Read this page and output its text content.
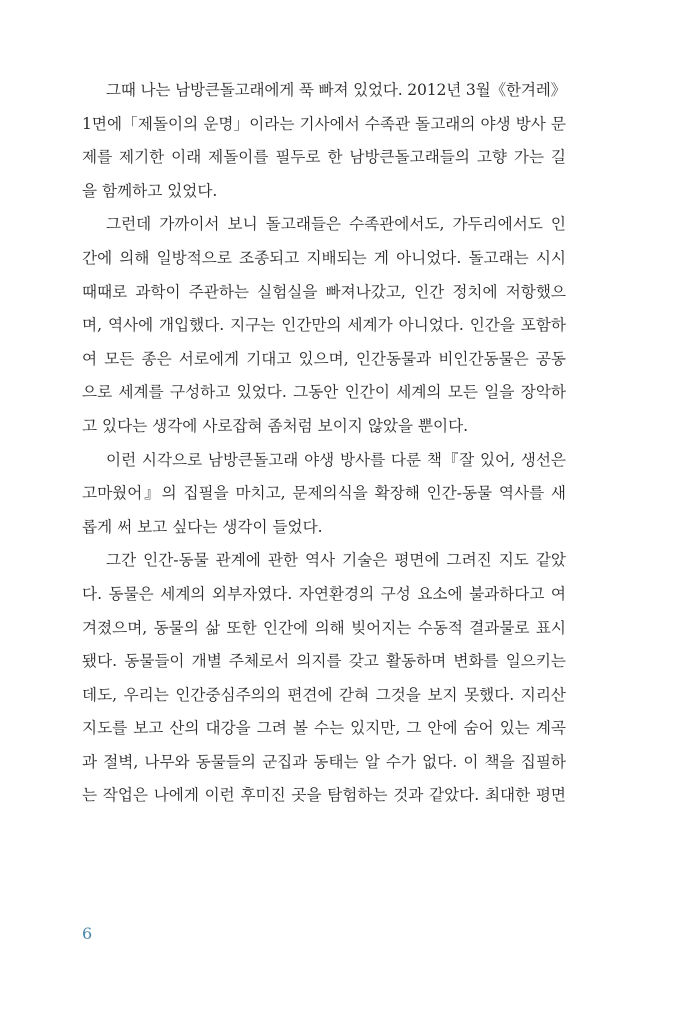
그때 나는 남방큰돌고래에게 푹 빠져 있었다. 2012년 3월《한겨레》
1면에「제돌이의 운명」이라는 기사에서 수족관 돌고래의 야생 방사 문
제를 제기한 이래 제돌이를 필두로 한 남방큰돌고래들의 고향 가는 길
을 함께하고 있었다.
그런데 가까이서 보니 돌고래들은 수족관에서도, 가두리에서도 인
간에 의해 일방적으로 조종되고 지배되는 게 아니었다. 돌고래는 시시
때때로 과학이 주관하는 실험실을 빠져나갔고, 인간 정치에 저항했으
며, 역사에 개입했다. 지구는 인간만의 세계가 아니었다. 인간을 포함하
여 모든 종은 서로에게 기대고 있으며, 인간동물과 비인간동물은 공동
으로 세계를 구성하고 있었다. 그동안 인간이 세계의 모든 일을 장악하
고 있다는 생각에 사로잡혀 좀처럼 보이지 않았을 뿐이다.
이런 시각으로 남방큰돌고래 야생 방사를 다룬 책『잘 있어, 생선은
고마웠어』의 집필을 마치고, 문제의식을 확장해 인간-동물 역사를 새
롭게 써 보고 싶다는 생각이 들었다.
그간 인간-동물 관계에 관한 역사 기술은 평면에 그려진 지도 같았
다. 동물은 세계의 외부자였다. 자연환경의 구성 요소에 불과하다고 여
겨졌으며, 동물의 삶 또한 인간에 의해 빚어지는 수동적 결과물로 표시
됐다. 동물들이 개별 주체로서 의지를 갖고 활동하며 변화를 일으키는
데도, 우리는 인간중심주의의 편견에 갇혀 그것을 보지 못했다. 지리산
지도를 보고 산의 대강을 그려 볼 수는 있지만, 그 안에 숨어 있는 계곡
과 절벽, 나무와 동물들의 군집과 동태는 알 수가 없다. 이 책을 집필하
는 작업은 나에게 이런 후미진 곳을 탐험하는 것과 같았다. 최대한 평면
6
